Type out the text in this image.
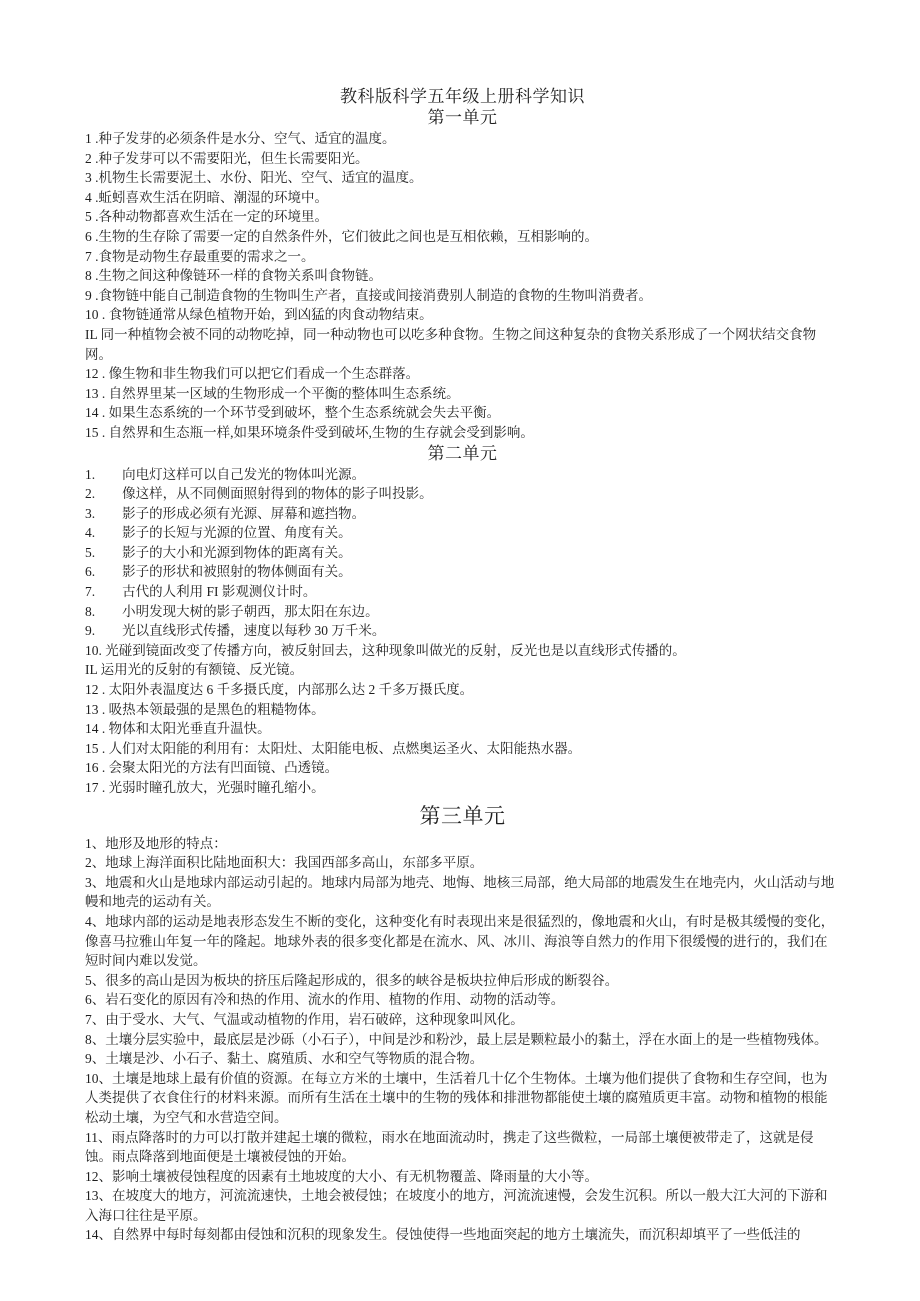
教科版科学五年级上册科学知识
第一单元

1 .种子发芽的必须条件是水分、空气、适宜的温度。

2 .种子发芽可以不需要阳光，但生长需要阳光。

3 .机物生长需要泥土、水份、阳光、空气、适宜的温度。

4 .蚯蚓喜欢生活在阴暗、潮湿的环境中。

5 .各种动物都喜欢生活在一定的环境里。

6 .生物的生存除了需要一定的自然条件外，它们彼此之间也是互相依赖，互相影响的。

7 .食物是动物生存最重要的需求之一。

8 .生物之间这种像链环一样的食物关系叫食物链。

9 .食物链中能自己制造食物的生物叫生产者，直接或间接消费别人制造的食物的生物叫消费者。

10 . 食物链通常从绿色植物开始，到凶猛的肉食动物结束。

IL 同一种植物会被不同的动物吃掉，同一种动物也可以吃多种食物。生物之间这种复杂的食物关系形成了一个网状结交食物网。

12 . 像生物和非生物我们可以把它们看成一个生态群落。

13 . 自然界里某一区域的生物形成一个平衡的整体叫生态系统。

14 . 如果生态系统的一个环节受到破坏，整个生态系统就会失去平衡。

15 . 自然界和生态瓶一样,如果环境条件受到破坏,生物的生存就会受到影响。

第二单元

1.　　向电灯这样可以自己发光的物体叫光源。

2.　　像这样，从不同侧面照射得到的物体的影子叫投影。

3.　　影子的形成必须有光源、屏幕和遮挡物。

4.　　影子的长短与光源的位置、角度有关。

5.　　影子的大小和光源到物体的距离有关。

6.　　影子的形状和被照射的物体侧面有关。

7.　　古代的人利用 FI 影观测仪计时。

8.　　小明发现大树的影子朝西，那太阳在东边。

9.　　光以直线形式传播，速度以每秒 30 万千米。

10. 光碰到镜面改变了传播方向，被反射回去，这种现象叫做光的反射，反光也是以直线形式传播的。

IL 运用光的反射的有额镜、反光镜。

12 . 太阳外表温度达 6 千多摄氏度，内部那么达 2 千多万摄氏度。

13 . 吸热本领最强的是黑色的粗糙物体。

14 . 物体和太阳光垂直升温快。

15 . 人们对太阳能的利用有：太阳灶、太阳能电板、点燃奥运圣火、太阳能热水器。

16 . 会聚太阳光的方法有凹面镜、凸透镜。

17 . 光弱时瞳孔放大，光强时瞳孔缩小。

第三单元

1、地形及地形的特点：

2、地球上海洋面积比陆地面积大：我国西部多高山，东部多平原。

3、地震和火山是地球内部运动引起的。地球内局部为地壳、地悔、地核三局部，绝大局部的地震发生在地壳内，火山活动与地幔和地壳的运动有关。

4、地球内部的运动是地表形态发生不断的变化，这种变化有时表现出来是很猛烈的，像地震和火山，有时是极其缓慢的变化，像喜马拉雅山年复一年的隆起。地球外表的很多变化都是在流水、风、冰川、海浪等自然力的作用下很缓慢的进行的，我们在短时间内难以发觉。

5、很多的高山是因为板块的挤压后隆起形成的，很多的峡谷是板块拉伸后形成的断裂谷。

6、岩石变化的原因有冷和热的作用、流水的作用、植物的作用、动物的活动等。

7、由于受水、大气、气温或动植物的作用，岩石破碎，这种现象叫风化。

8、土壤分层实验中，最底层是沙砾（小石子），中间是沙和粉沙，最上层是颗粒最小的黏土，浮在水面上的是一些植物残体。

9、土壤是沙、小石子、黏土、腐殖质、水和空气等物质的混合物。

10、土壤是地球上最有价值的资源。在每立方米的土壤中，生活着几十亿个生物体。土壤为他们提供了食物和生存空间，也为人类提供了衣食住行的材料来源。而所有生活在土壤中的生物的残体和排泄物都能使土壤的腐殖质更丰富。动物和植物的根能松动土壤，为空气和水营造空间。

11、雨点降落时的力可以打散并建起土壤的微粒，雨水在地面流动时，携走了这些微粒，一局部土壤便被带走了，这就是侵蚀。雨点降落到地面便是土壤被侵蚀的开始。

12、影响土壤被侵蚀程度的因素有土地坡度的大小、有无机物覆盖、降雨量的大小等。

13、在坡度大的地方，河流流速快，土地会被侵蚀；在坡度小的地方，河流流速慢，会发生沉积。所以一般大江大河的下游和入海口往往是平原。

14、自然界中每时每刻都由侵蚀和沉积的现象发生。侵蚀使得一些地面突起的地方土壤流失，而沉积却填平了一些低洼的
